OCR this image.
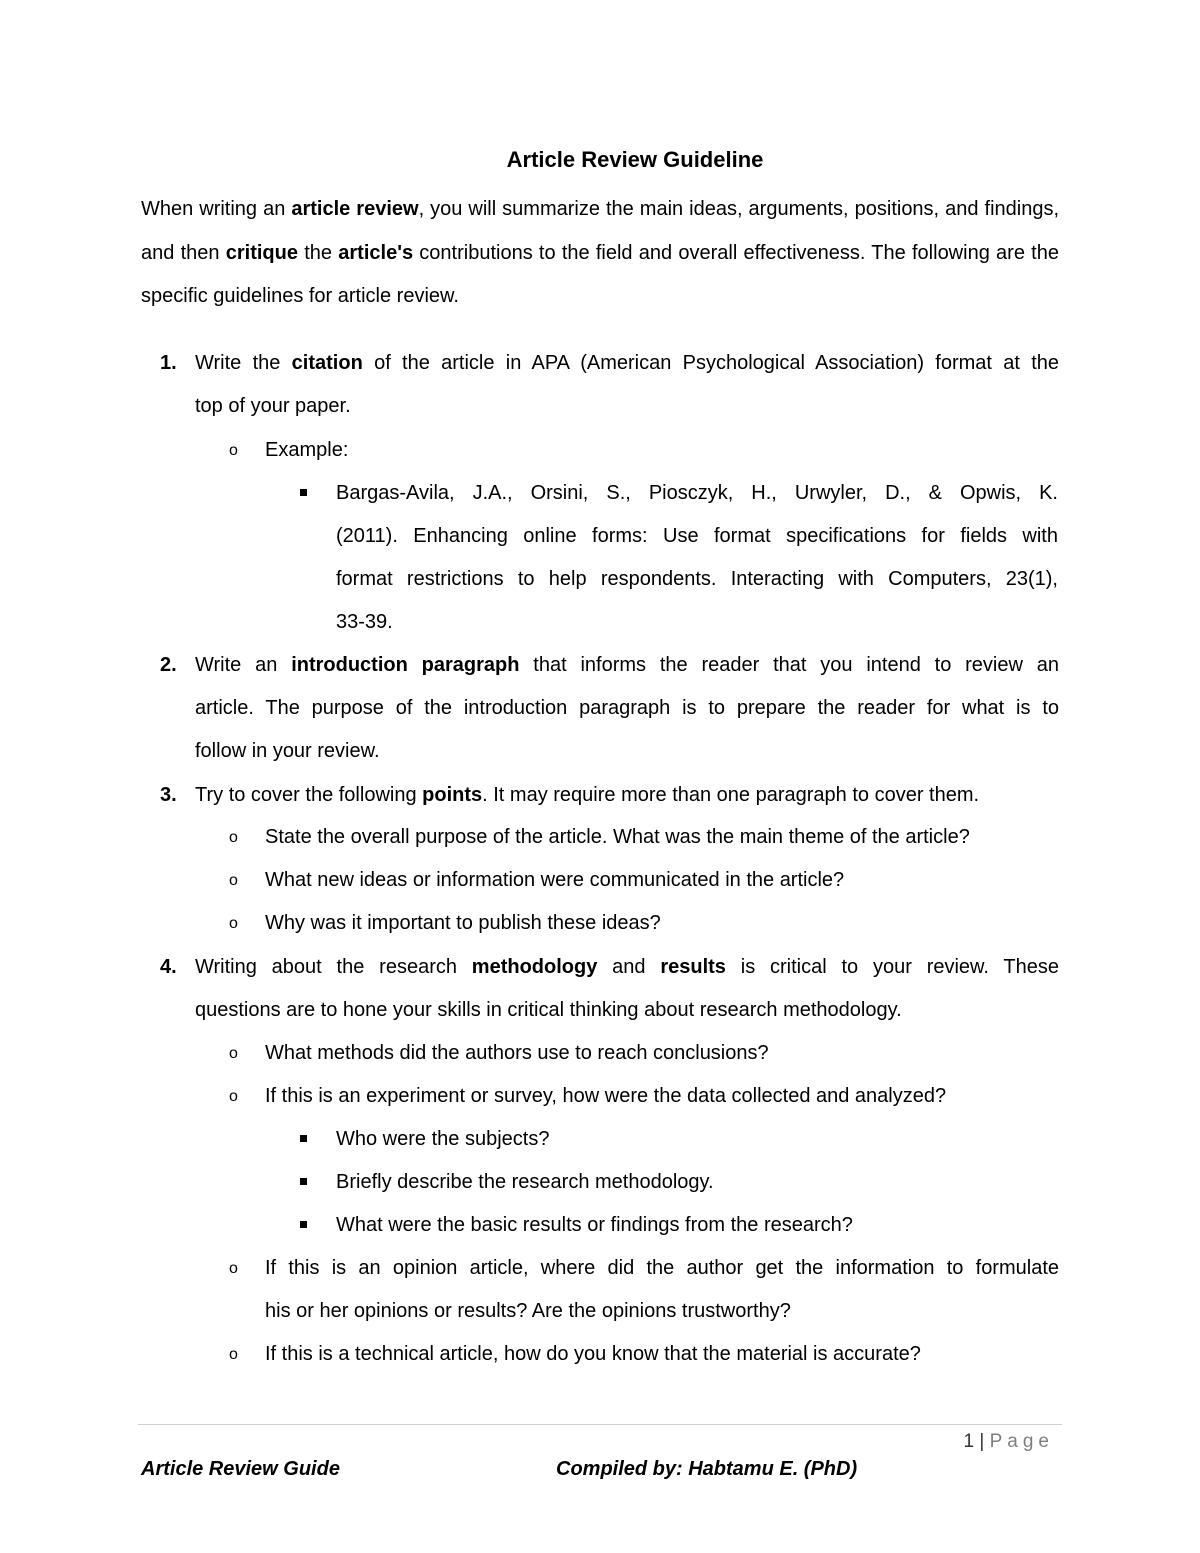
Article Review Guideline

When writing an article review, you will summarize the main ideas, arguments, positions, and findings, and then critique the article's contributions to the field and overall effectiveness. The following are the specific guidelines for article review.

1. Write the citation of the article in APA (American Psychological Association) format at the
top of your paper.
o Example:
Bargas-Avila, J.A., Orsini, S., Piosczyk, H., Urwyler, D., & Opwis, K.
(2011). Enhancing online forms: Use format specifications for fields with
format restrictions to help respondents. Interacting with Computers, 23(1),
33-39.
2. Write an introduction paragraph that informs the reader that you intend to review an
article. The purpose of the introduction paragraph is to prepare the reader for what is to
follow in your review.
3. Try to cover the following points. It may require more than one paragraph to cover them.
o State the overall purpose of the article. What was the main theme of the article?
o What new ideas or information were communicated in the article?
o Why was it important to publish these ideas?
4. Writing about the research methodology and results is critical to your review. These
questions are to hone your skills in critical thinking about research methodology.
o What methods did the authors use to reach conclusions?
o If this is an experiment or survey, how were the data collected and analyzed?
Who were the subjects?
Briefly describe the research methodology.
What were the basic results or findings from the research?
o If this is an opinion article, where did the author get the information to formulate
his or her opinions or results? Are the opinions trustworthy?
o If this is a technical article, how do you know that the material is accurate?
1 | Page
Article Review Guide	Compiled by: Habtamu E. (PhD)
